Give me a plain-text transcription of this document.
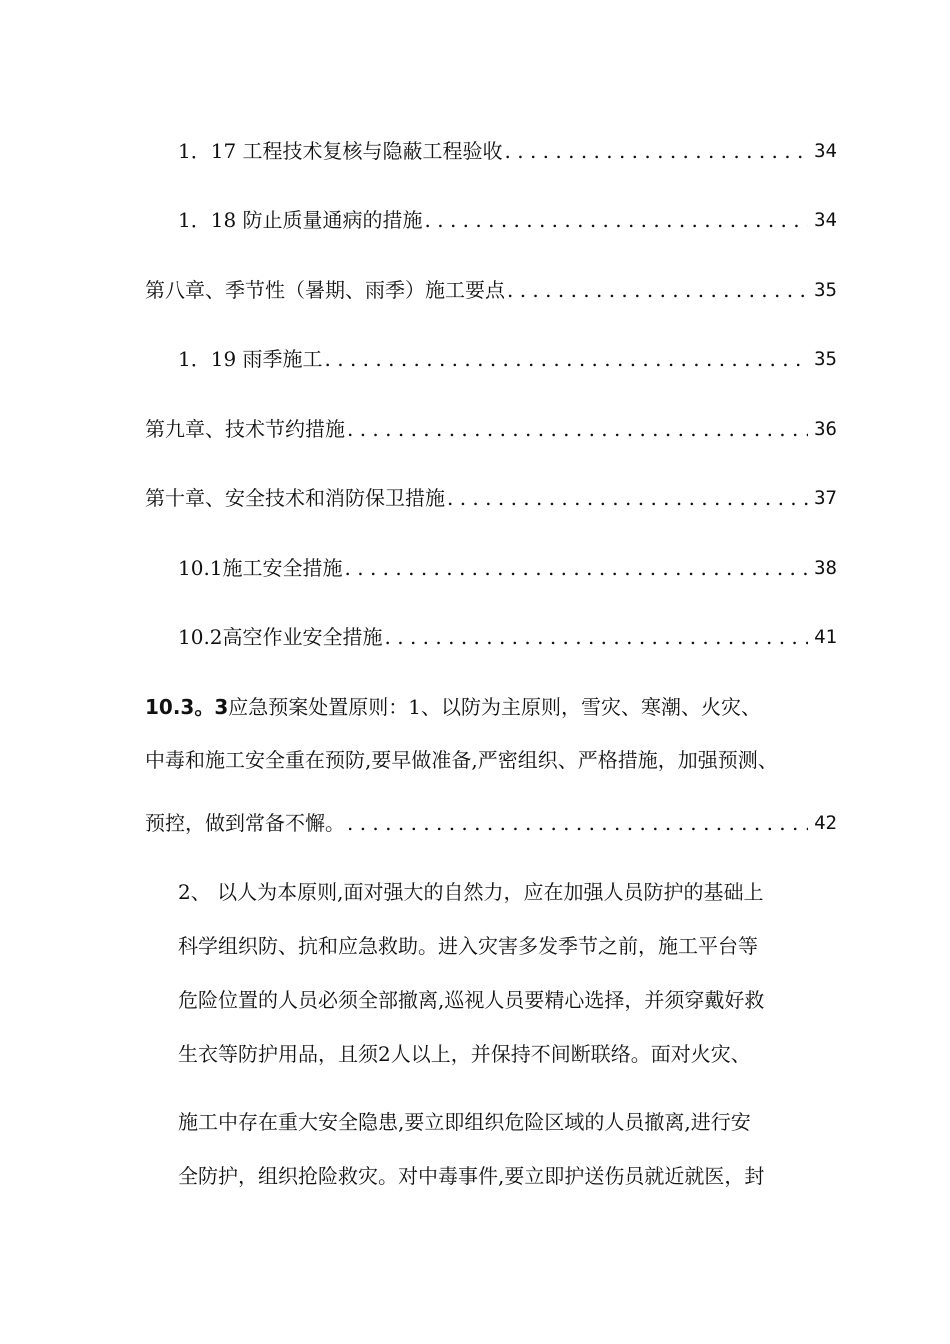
1．17 工程技术复核与隐蔽工程验收 . . .	34
1．18 防止质量通病的措施 . . .	34
第八章、季节性（暑期、雨季）施工要点 . . .	35
1．19 雨季施工 . . .	35
第九章、技术节约措施 . . .	36
第十章、安全技术和消防保卫措施 . . .	37
10.1施工安全措施 . . .	38
10.2高空作业安全措施 . . .	41
10.3。3应急预案处置原则：1、以防为主原则，雪灾、寒潮、火灾、
中毒和施工安全重在预防,要早做准备,严密组织、严格措施，加强预测、
预控，做到常备不懈。 . . .	42
2、 以人为本原则,面对强大的自然力，应在加强人员防护的基础上
科学组织防、抗和应急救助。进入灾害多发季节之前，施工平台等
危险位置的人员必须全部撤离,巡视人员要精心选择，并须穿戴好救
生衣等防护用品，且须2人以上，并保持不间断联络。面对火灾、
施工中存在重大安全隐患,要立即组织危险区域的人员撤离,进行安
全防护，组织抢险救灾。对中毒事件,要立即护送伤员就近就医，封
